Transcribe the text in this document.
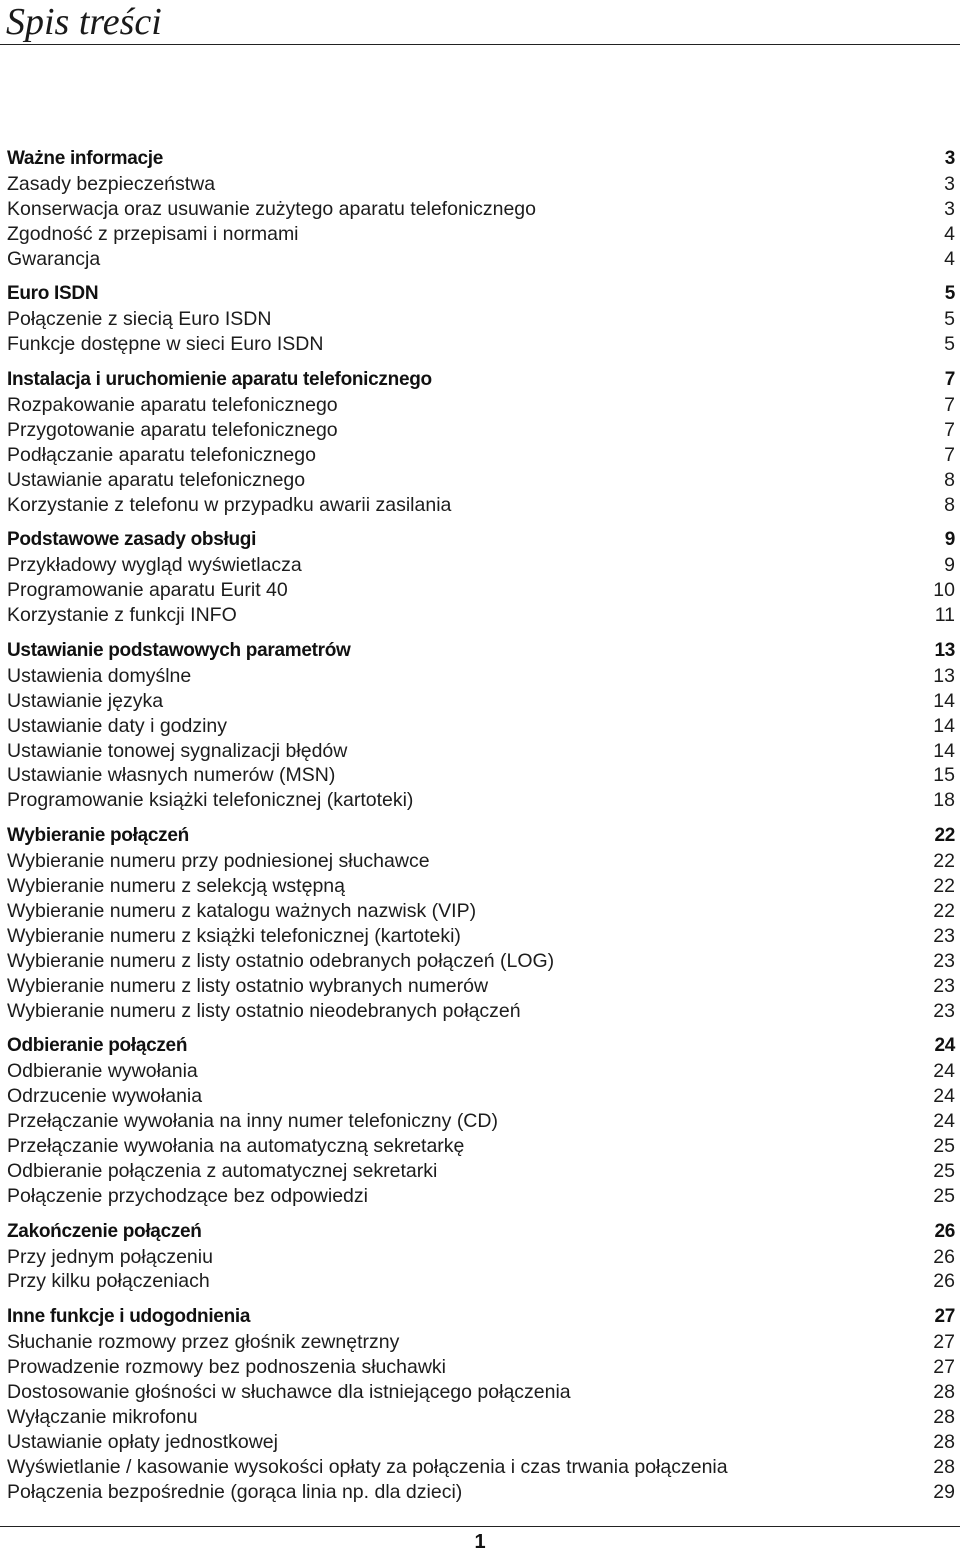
Spis treści
Ważne informacje	3
Zasady bezpieczeństwa	3
Konserwacja oraz usuwanie zużytego aparatu telefonicznego	3
Zgodność z przepisami i normami	4
Gwarancja	4
Euro ISDN	5
Połączenie z siecią Euro ISDN	5
Funkcje dostępne w sieci Euro ISDN	5
Instalacja i uruchomienie aparatu telefonicznego	7
Rozpakowanie aparatu telefonicznego	7
Przygotowanie aparatu telefonicznego	7
Podłączanie aparatu telefonicznego	7
Ustawianie aparatu telefonicznego	8
Korzystanie z telefonu w przypadku awarii zasilania	8
Podstawowe zasady obsługi	9
Przykładowy wygląd wyświetlacza	9
Programowanie aparatu Eurit 40	10
Korzystanie z funkcji INFO	11
Ustawianie podstawowych parametrów	13
Ustawienia domyślne	13
Ustawianie języka	14
Ustawianie daty i godziny	14
Ustawianie tonowej sygnalizacji błędów	14
Ustawianie własnych numerów (MSN)	15
Programowanie książki telefonicznej (kartoteki)	18
Wybieranie połączeń	22
Wybieranie numeru przy podniesionej słuchawce	22
Wybieranie numeru z selekcją wstępną	22
Wybieranie numeru z katalogu ważnych nazwisk (VIP)	22
Wybieranie numeru z książki telefonicznej (kartoteki)	23
Wybieranie numeru z listy ostatnio odebranych połączeń (LOG)	23
Wybieranie numeru z listy ostatnio wybranych numerów	23
Wybieranie numeru z listy ostatnio nieodebranych połączeń	23
Odbieranie połączeń	24
Odbieranie wywołania	24
Odrzucenie wywołania	24
Przełączanie wywołania na inny numer telefoniczny (CD)	24
Przełączanie wywołania na automatyczną sekretarkę	25
Odbieranie połączenia z automatycznej sekretarki	25
Połączenie przychodzące bez odpowiedzi	25
Zakończenie połączeń	26
Przy jednym połączeniu	26
Przy kilku połączeniach	26
Inne funkcje i udogodnienia	27
Słuchanie rozmowy przez głośnik zewnętrzny	27
Prowadzenie rozmowy bez podnoszenia słuchawki	27
Dostosowanie głośności w słuchawce dla istniejącego połączenia	28
Wyłączanie mikrofonu	28
Ustawianie opłaty jednostkowej	28
Wyświetlanie / kasowanie wysokości opłaty za połączenia i czas trwania połączenia	28
Połączenia bezpośrednie (gorąca linia np. dla dzieci)	29
1
